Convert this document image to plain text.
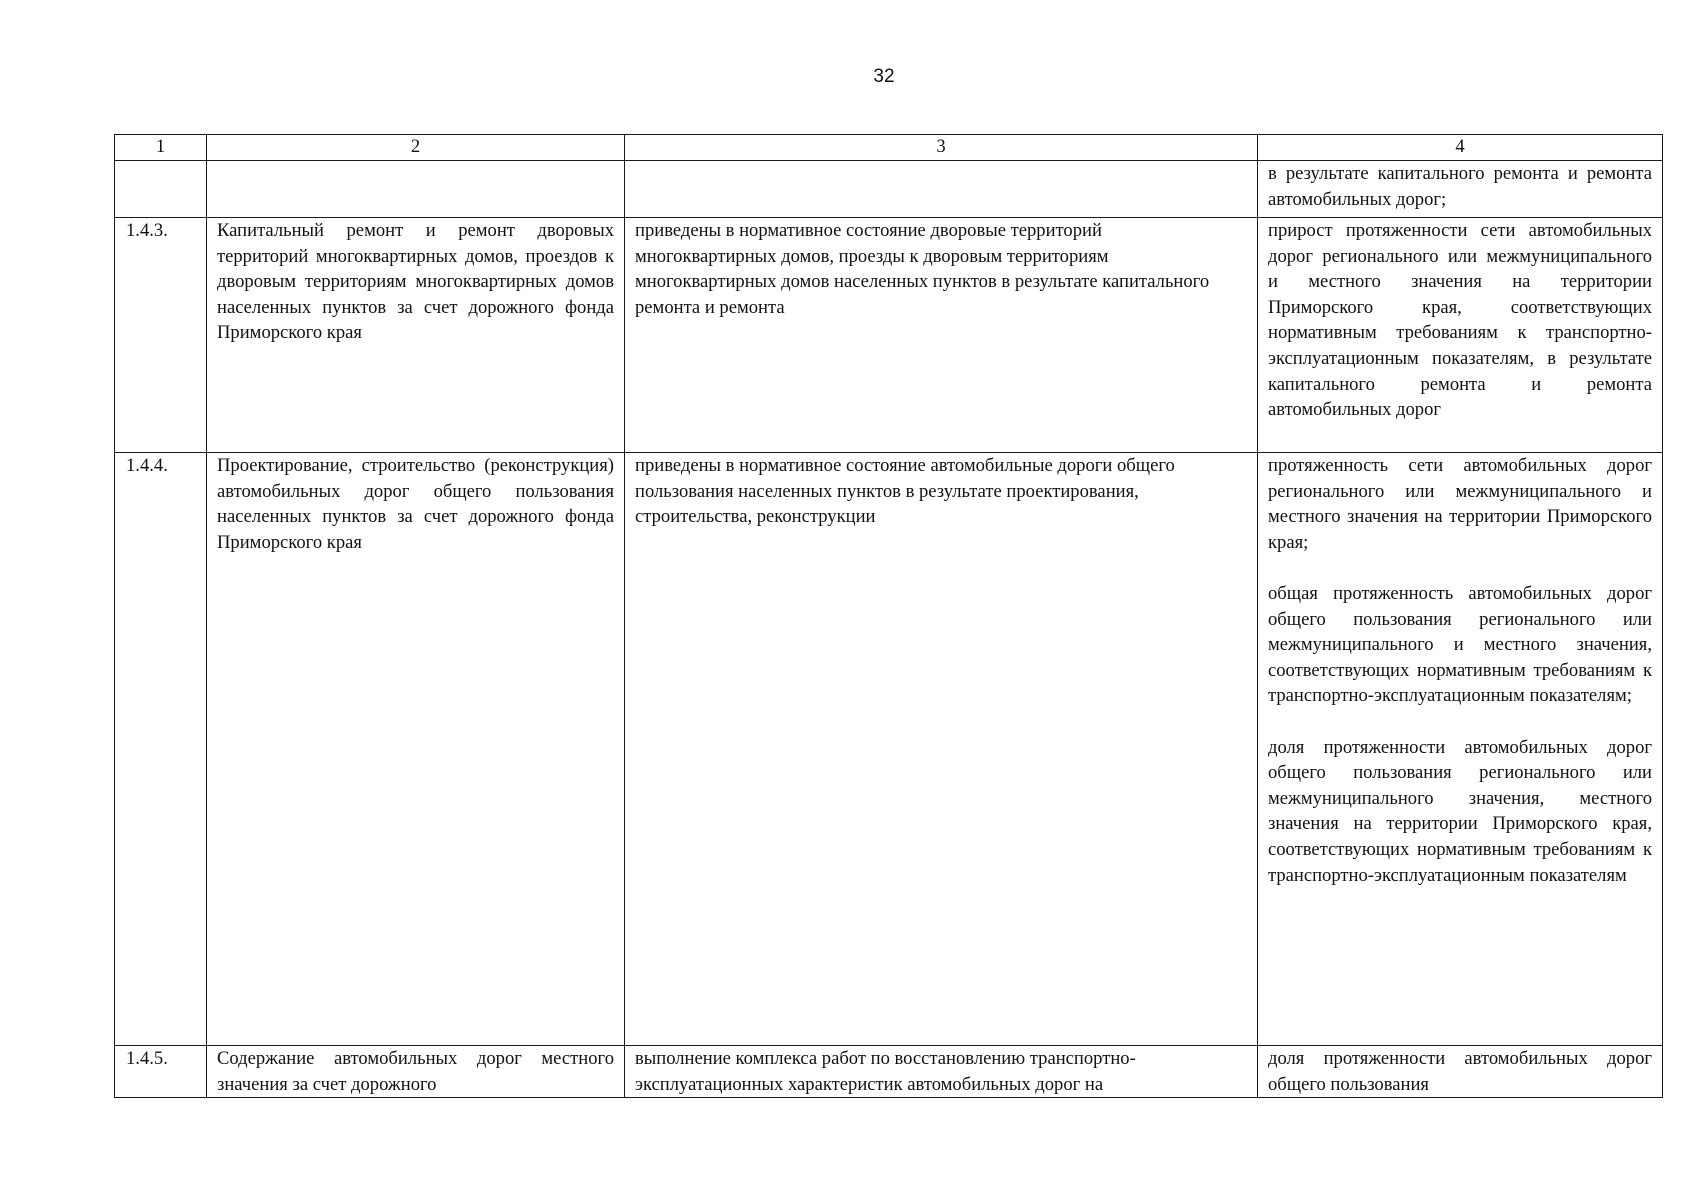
32
1	2	3	4

			в результате капитального ремонта и ремонта автомобильных дорог;

1.4.3.	Капитальный ремонт и ремонт дворовых территорий многоквартирных домов, проездов к дворовым территориям многоквартирных домов населенных пунктов за счет дорожного фонда Приморского края	приведены в нормативное состояние дворовые территорий многоквартирных домов, проезды к дворовым территориям многоквартирных домов населенных пунктов в результате капитального ремонта и ремонта	прирост протяженности сети автомобильных дорог регионального или межмуниципального и местного значения на территории Приморского края, соответствующих нормативным требованиям к транспортно-эксплуатационным показателям, в результате капитального ремонта и ремонта автомобильных дорог

1.4.4.	Проектирование, строительство (реконструкция) автомобильных дорог общего пользования населенных пунктов за счет дорожного фонда Приморского края	приведены в нормативное состояние автомобильные дороги общего пользования населенных пунктов в результате проектирования, строительства, реконструкции	протяженность сети автомобильных дорог регионального или межмуниципального и местного значения на территории Приморского края;
общая протяженность автомобильных дорог общего пользования регионального или межмуниципального и местного значения, соответствующих нормативным требованиям к транспортно-эксплуатационным показателям;
доля протяженности автомобильных дорог общего пользования регионального или межмуниципального значения, местного значения на территории Приморского края, соответствующих нормативным требованиям к транспортно-эксплуатационным показателям

1.4.5.	Содержание автомобильных дорог местного значения за счет дорожного	выполнение комплекса работ по восстановлению транспортно-эксплуатационных характеристик автомобильных дорог на	доля протяженности автомобильных дорог общего пользования
